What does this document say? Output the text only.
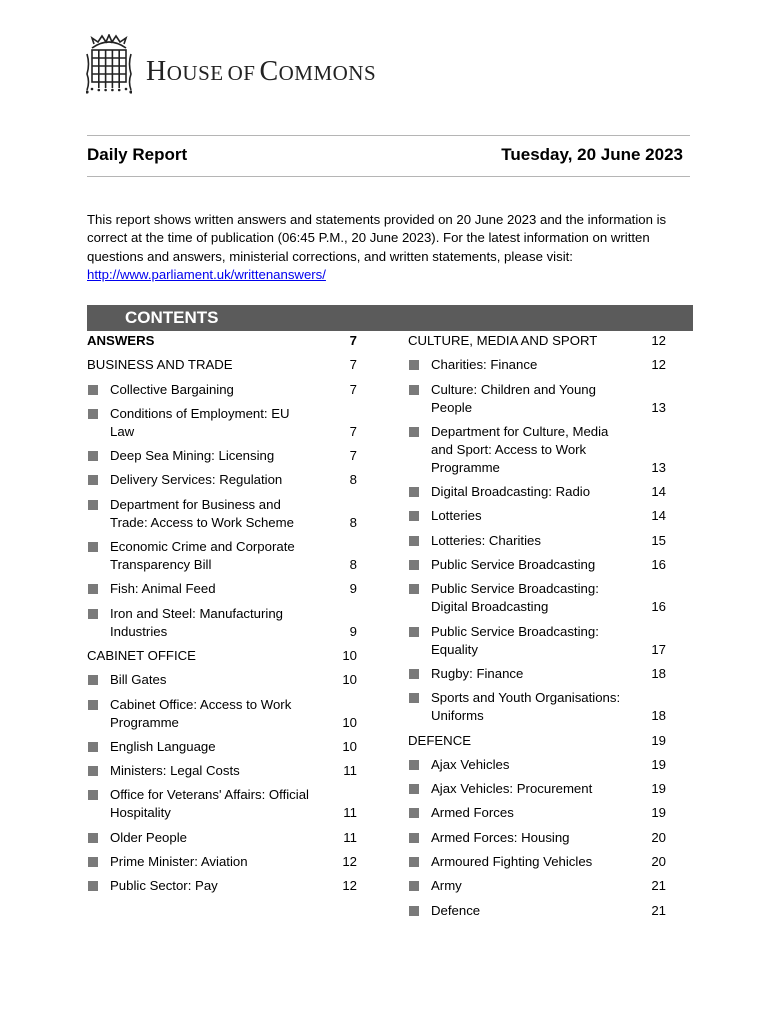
HOUSE OF COMMONS
Daily Report	Tuesday, 20 June 2023
This report shows written answers and statements provided on 20 June 2023 and the information is correct at the time of publication (06:45 P.M., 20 June 2023). For the latest information on written questions and answers, ministerial corrections, and written statements, please visit: http://www.parliament.uk/writtenanswers/
CONTENTS
ANSWERS	7
BUSINESS AND TRADE	7
Collective Bargaining	7
Conditions of Employment: EU Law	7
Deep Sea Mining: Licensing	7
Delivery Services: Regulation	8
Department for Business and Trade: Access to Work Scheme	8
Economic Crime and Corporate Transparency Bill	8
Fish: Animal Feed	9
Iron and Steel: Manufacturing Industries	9
CABINET OFFICE	10
Bill Gates	10
Cabinet Office: Access to Work Programme	10
English Language	10
Ministers: Legal Costs	11
Office for Veterans' Affairs: Official Hospitality	11
Older People	11
Prime Minister: Aviation	12
Public Sector: Pay	12
CULTURE, MEDIA AND SPORT	12
Charities: Finance	12
Culture: Children and Young People	13
Department for Culture, Media and Sport: Access to Work Programme	13
Digital Broadcasting: Radio	14
Lotteries	14
Lotteries: Charities	15
Public Service Broadcasting	16
Public Service Broadcasting: Digital Broadcasting	16
Public Service Broadcasting: Equality	17
Rugby: Finance	18
Sports and Youth Organisations: Uniforms	18
DEFENCE	19
Ajax Vehicles	19
Ajax Vehicles: Procurement	19
Armed Forces	19
Armed Forces: Housing	20
Armoured Fighting Vehicles	20
Army	21
Defence	21
